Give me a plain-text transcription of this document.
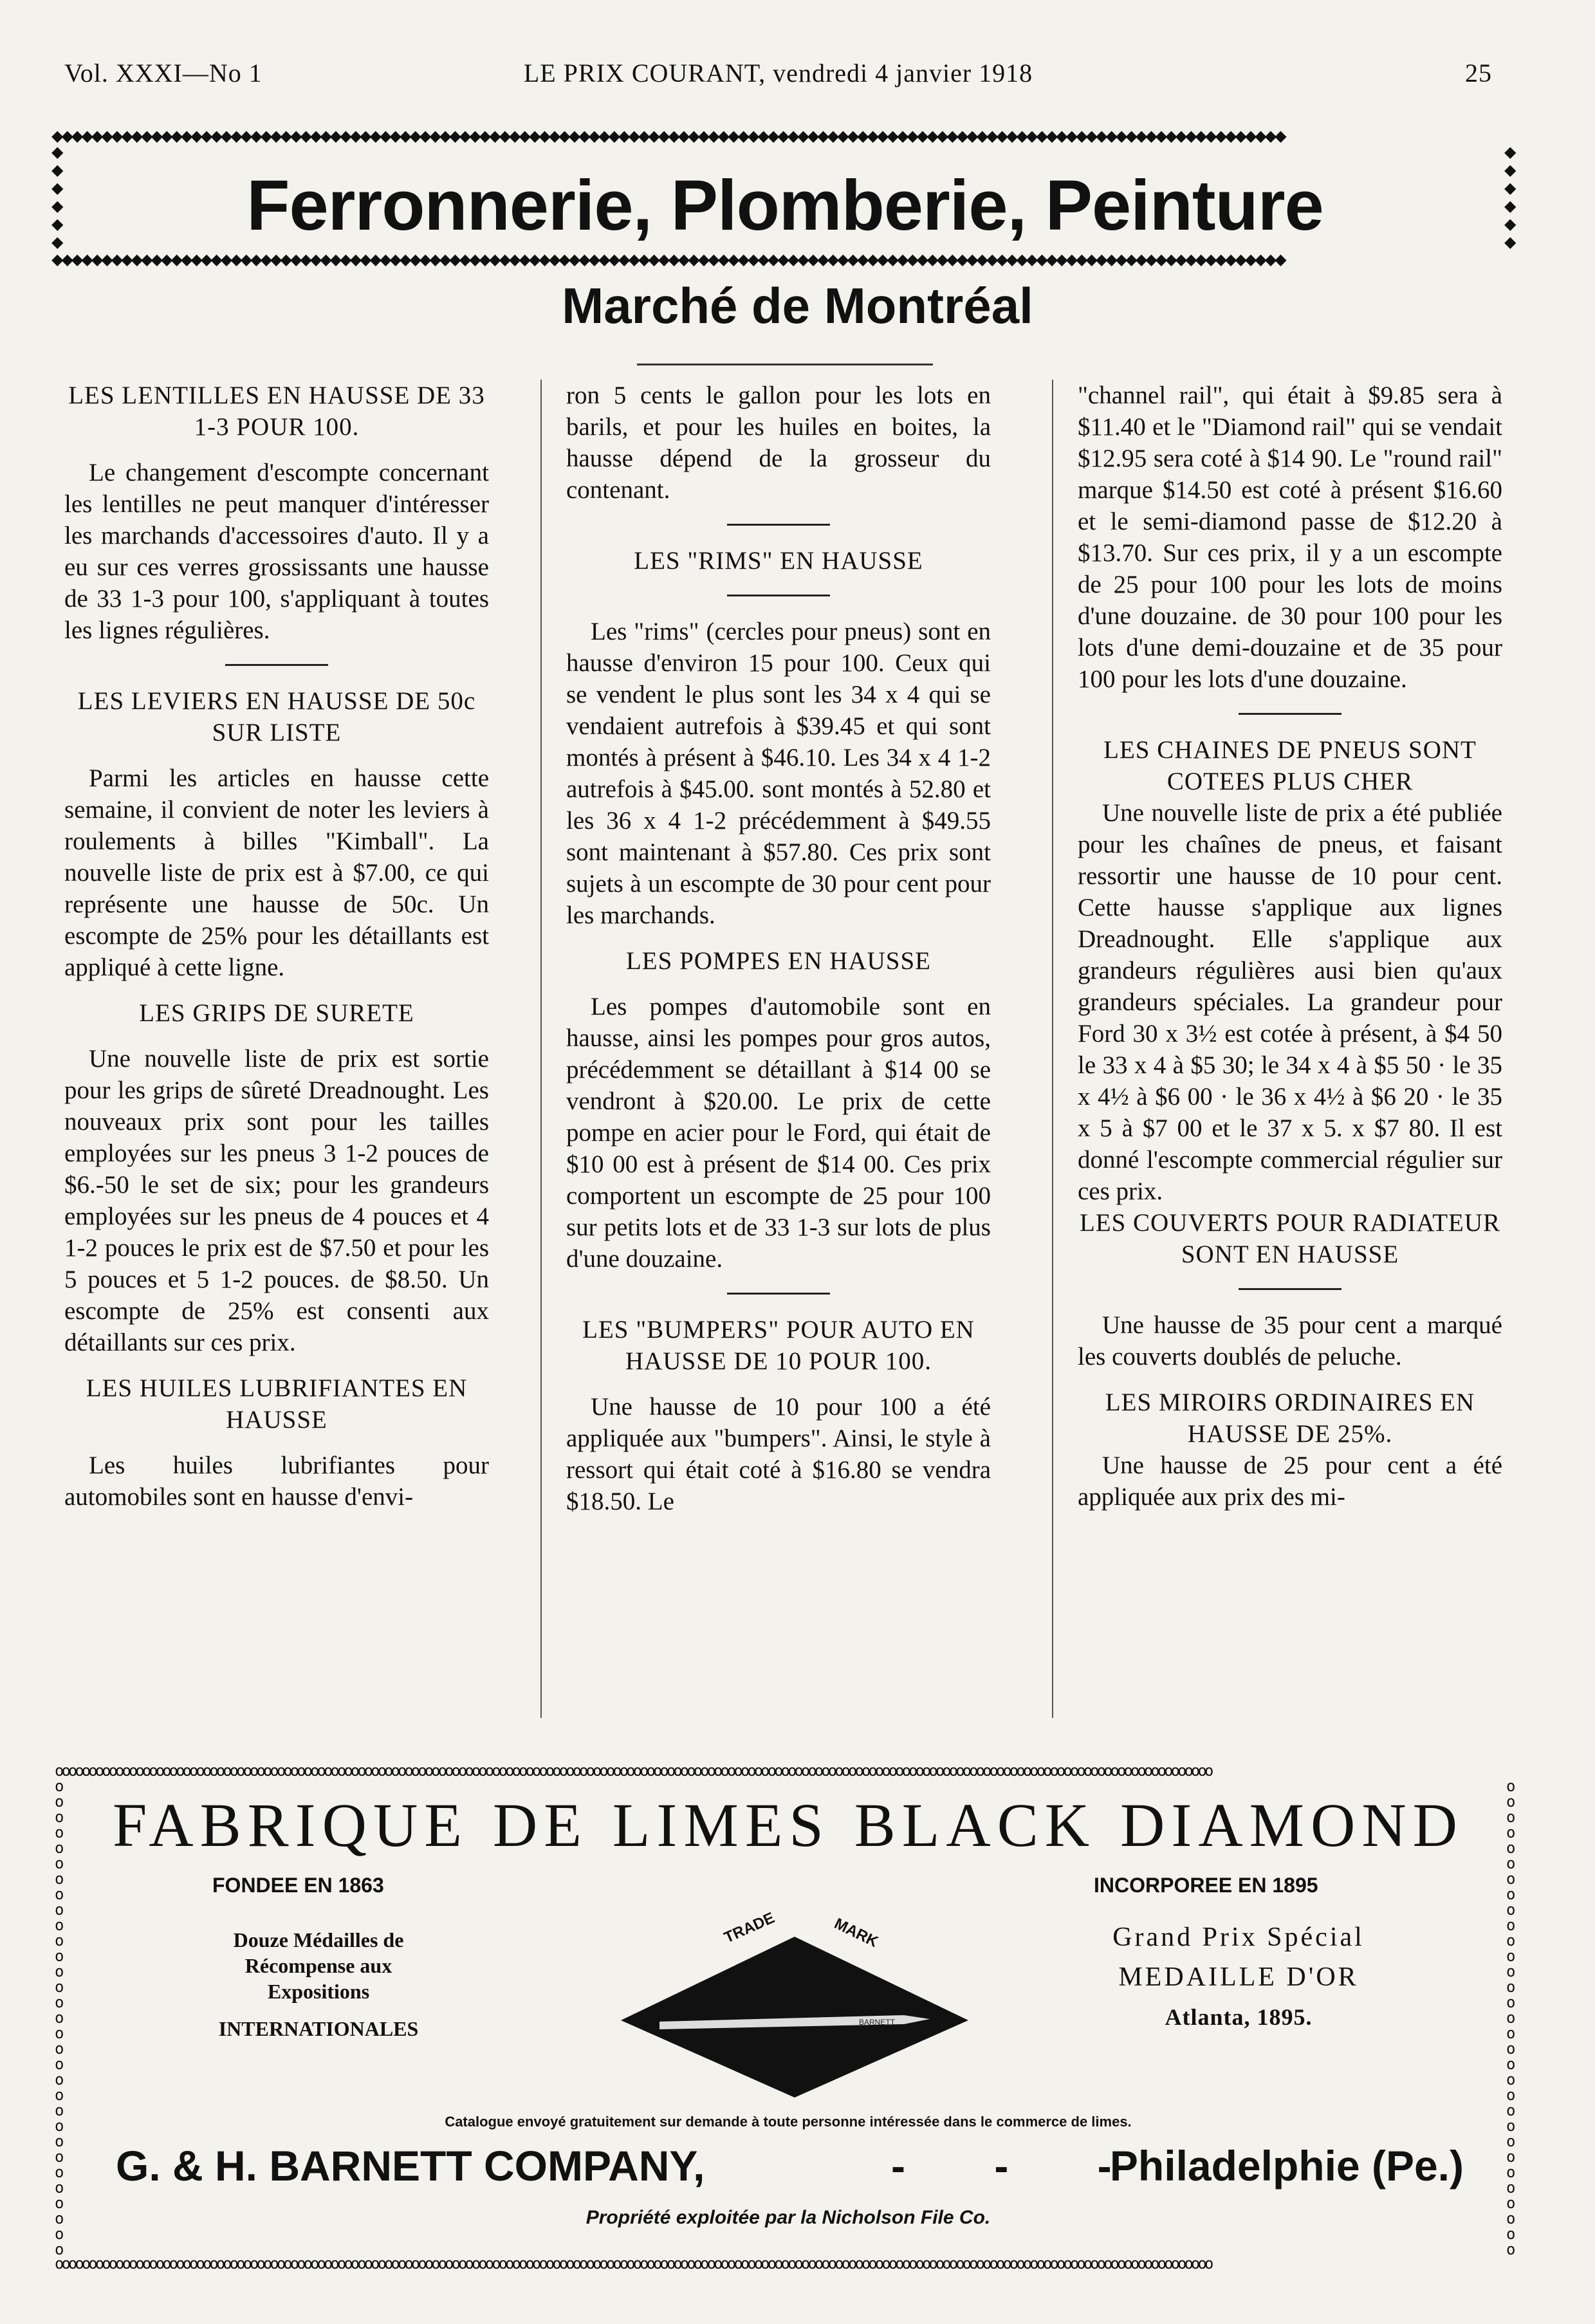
Vol. XXXI—No 1	LE PRIX COURANT, vendredi 4 janvier 1918	25
◆◆◆◆◆◆◆◆◆◆◆◆◆◆◆◆◆◆◆◆◆◆◆◆◆◆◆◆◆◆◆◆◆◆◆◆◆◆◆◆◆◆◆◆◆◆◆◆◆◆◆◆◆◆◆◆◆◆◆◆◆◆◆◆◆◆◆◆◆◆◆◆◆◆◆◆◆◆◆◆◆◆◆◆◆◆◆◆◆◆◆◆◆◆◆◆◆◆◆◆◆◆◆◆◆◆◆◆◆◆◆◆◆◆◆◆◆◆◆◆◆◆◆◆
◆◆◆◆◆◆	Ferronnerie, Plomberie, Peinture
◆◆◆◆◆◆
◆◆◆◆◆◆◆◆◆◆◆◆◆◆◆◆◆◆◆◆◆◆◆◆◆◆◆◆◆◆◆◆◆◆◆◆◆◆◆◆◆◆◆◆◆◆◆◆◆◆◆◆◆◆◆◆◆◆◆◆◆◆◆◆◆◆◆◆◆◆◆◆◆◆◆◆◆◆◆◆◆◆◆◆◆◆◆◆◆◆◆◆◆◆◆◆◆◆◆◆◆◆◆◆◆◆◆◆◆◆◆◆◆◆◆◆◆◆◆◆◆◆◆◆
Marché de Montréal
LES LENTILLES EN HAUSSE DE 33 1-3 POUR 100.

Le changement d'escompte concernant les lentilles ne peut manquer d'intéresser les marchands d'accessoires d'auto. Il y a eu sur ces verres grossissants une hausse de 33 1-3 pour 100, s'appliquant à toutes les lignes régulières.

LES LEVIERS EN HAUSSE DE 50c SUR LISTE

Parmi les articles en hausse cette semaine, il convient de noter les leviers à roulements à billes "Kimball". La nouvelle liste de prix est à $7.00, ce qui représente une hausse de 50c. Un escompte de 25% pour les détaillants est appliqué à cette ligne.

LES GRIPS DE SURETE

Une nouvelle liste de prix est sortie pour les grips de sûreté Dreadnought. Les nouveaux prix sont pour les tailles employées sur les pneus 3 1-2 pouces de $6.-50 le set de six; pour les grandeurs employées sur les pneus de 4 pouces et 4 1-2 pouces le prix est de $7.50 et pour les 5 pouces et 5 1-2 pouces. de $8.50. Un escompte de 25% est consenti aux détaillants sur ces prix.

LES HUILES LUBRIFIANTES EN HAUSSE

Les huiles lubrifiantes pour automobiles sont en hausse d'envi-

ron 5 cents le gallon pour les lots en barils, et pour les huiles en boites, la hausse dépend de la grosseur du contenant.

LES "RIMS" EN HAUSSE

Les "rims" (cercles pour pneus) sont en hausse d'environ 15 pour 100. Ceux qui se vendent le plus sont les 34 x 4 qui se vendaient autrefois à $39.45 et qui sont montés à présent à $46.10. Les 34 x 4 1-2 autrefois à $45.00. sont montés à 52.80 et les 36 x 4 1-2 précédemment à $49.55 sont maintenant à $57.80. Ces prix sont sujets à un escompte de 30 pour cent pour les marchands.

LES POMPES EN HAUSSE

Les pompes d'automobile sont en hausse, ainsi les pompes pour gros autos, précédemment se détaillant à $14 00 se vendront à $20.00. Le prix de cette pompe en acier pour le Ford, qui était de $10 00 est à présent de $14 00. Ces prix comportent un escompte de 25 pour 100 sur petits lots et de 33 1-3 sur lots de plus d'une douzaine.

LES "BUMPERS" POUR AUTO EN HAUSSE DE 10 POUR 100.

Une hausse de 10 pour 100 a été appliquée aux "bumpers". Ainsi, le style à ressort qui était coté à $16.80 se vendra $18.50. Le

"channel rail", qui était à $9.85 sera à $11.40 et le "Diamond rail" qui se vendait $12.95 sera coté à $14 90. Le "round rail" marque $14.50 est coté à présent $16.60 et le semi-diamond passe de $12.20 à $13.70. Sur ces prix, il y a un escompte de 25 pour 100 pour les lots de moins d'une douzaine. de 30 pour 100 pour les lots d'une demi-douzaine et de 35 pour 100 pour les lots d'une douzaine.

LES CHAINES DE PNEUS SONT COTEES PLUS CHER

Une nouvelle liste de prix a été publiée pour les chaînes de pneus, et faisant ressortir une hausse de 10 pour cent. Cette hausse s'applique aux lignes Dreadnought. Elle s'applique aux grandeurs régulières ausi bien qu'aux grandeurs spéciales. La grandeur pour Ford 30 x 3½ est cotée à présent, à $4 50 le 33 x 4 à $5 30; le 34 x 4 à $5 50 · le 35 x 4½ à $6 00 · le 36 x 4½ à $6 20 · le 35 x 5 à $7 00 et le 37 x 5. x $7 80. Il est donné l'escompte commercial régulier sur ces prix.

LES COUVERTS POUR RADIATEUR SONT EN HAUSSE

Une hausse de 35 pour cent a marqué les couverts doublés de peluche.

LES MIROIRS ORDINAIRES EN HAUSSE DE 25%.

Une hausse de 25 pour cent a été appliquée aux prix des mi-

oooooooooooooooooooooooooooooooooooooooooooooooooooooooooooooooooooooooooooooooooooooooooooooooooooooooooooooooooooooooooooooooooooooooooooooooooooooooooooooooooooooooooooo
ooooooooooooooooooooooooooooooo
ooooooooooooooooooooooooooooooo
oooooooooooooooooooooooooooooooooooooooooooooooooooooooooooooooooooooooooooooooooooooooooooooooooooooooooooooooooooooooooooooooooooooooooooooooooooooooooooooooooooooooooooo
FABRIQUE DE LIMES BLACK DIAMOND
FONDEE EN 1863	INCORPOREE EN 1895
Douze Médailles de
Récompense aux
Expositions
INTERNATIONALES	BARNETT
TRADE	MARK	Grand Prix Spécial
MEDAILLE D'OR
Atlanta, 1895.
Catalogue envoyé gratuitement sur demande à toute personne intéressée dans le commerce de limes.
G. & H. BARNETT COMPANY,	- - -
Philadelphie (Pe.)
Propriété exploitée par la Nicholson File Co.
